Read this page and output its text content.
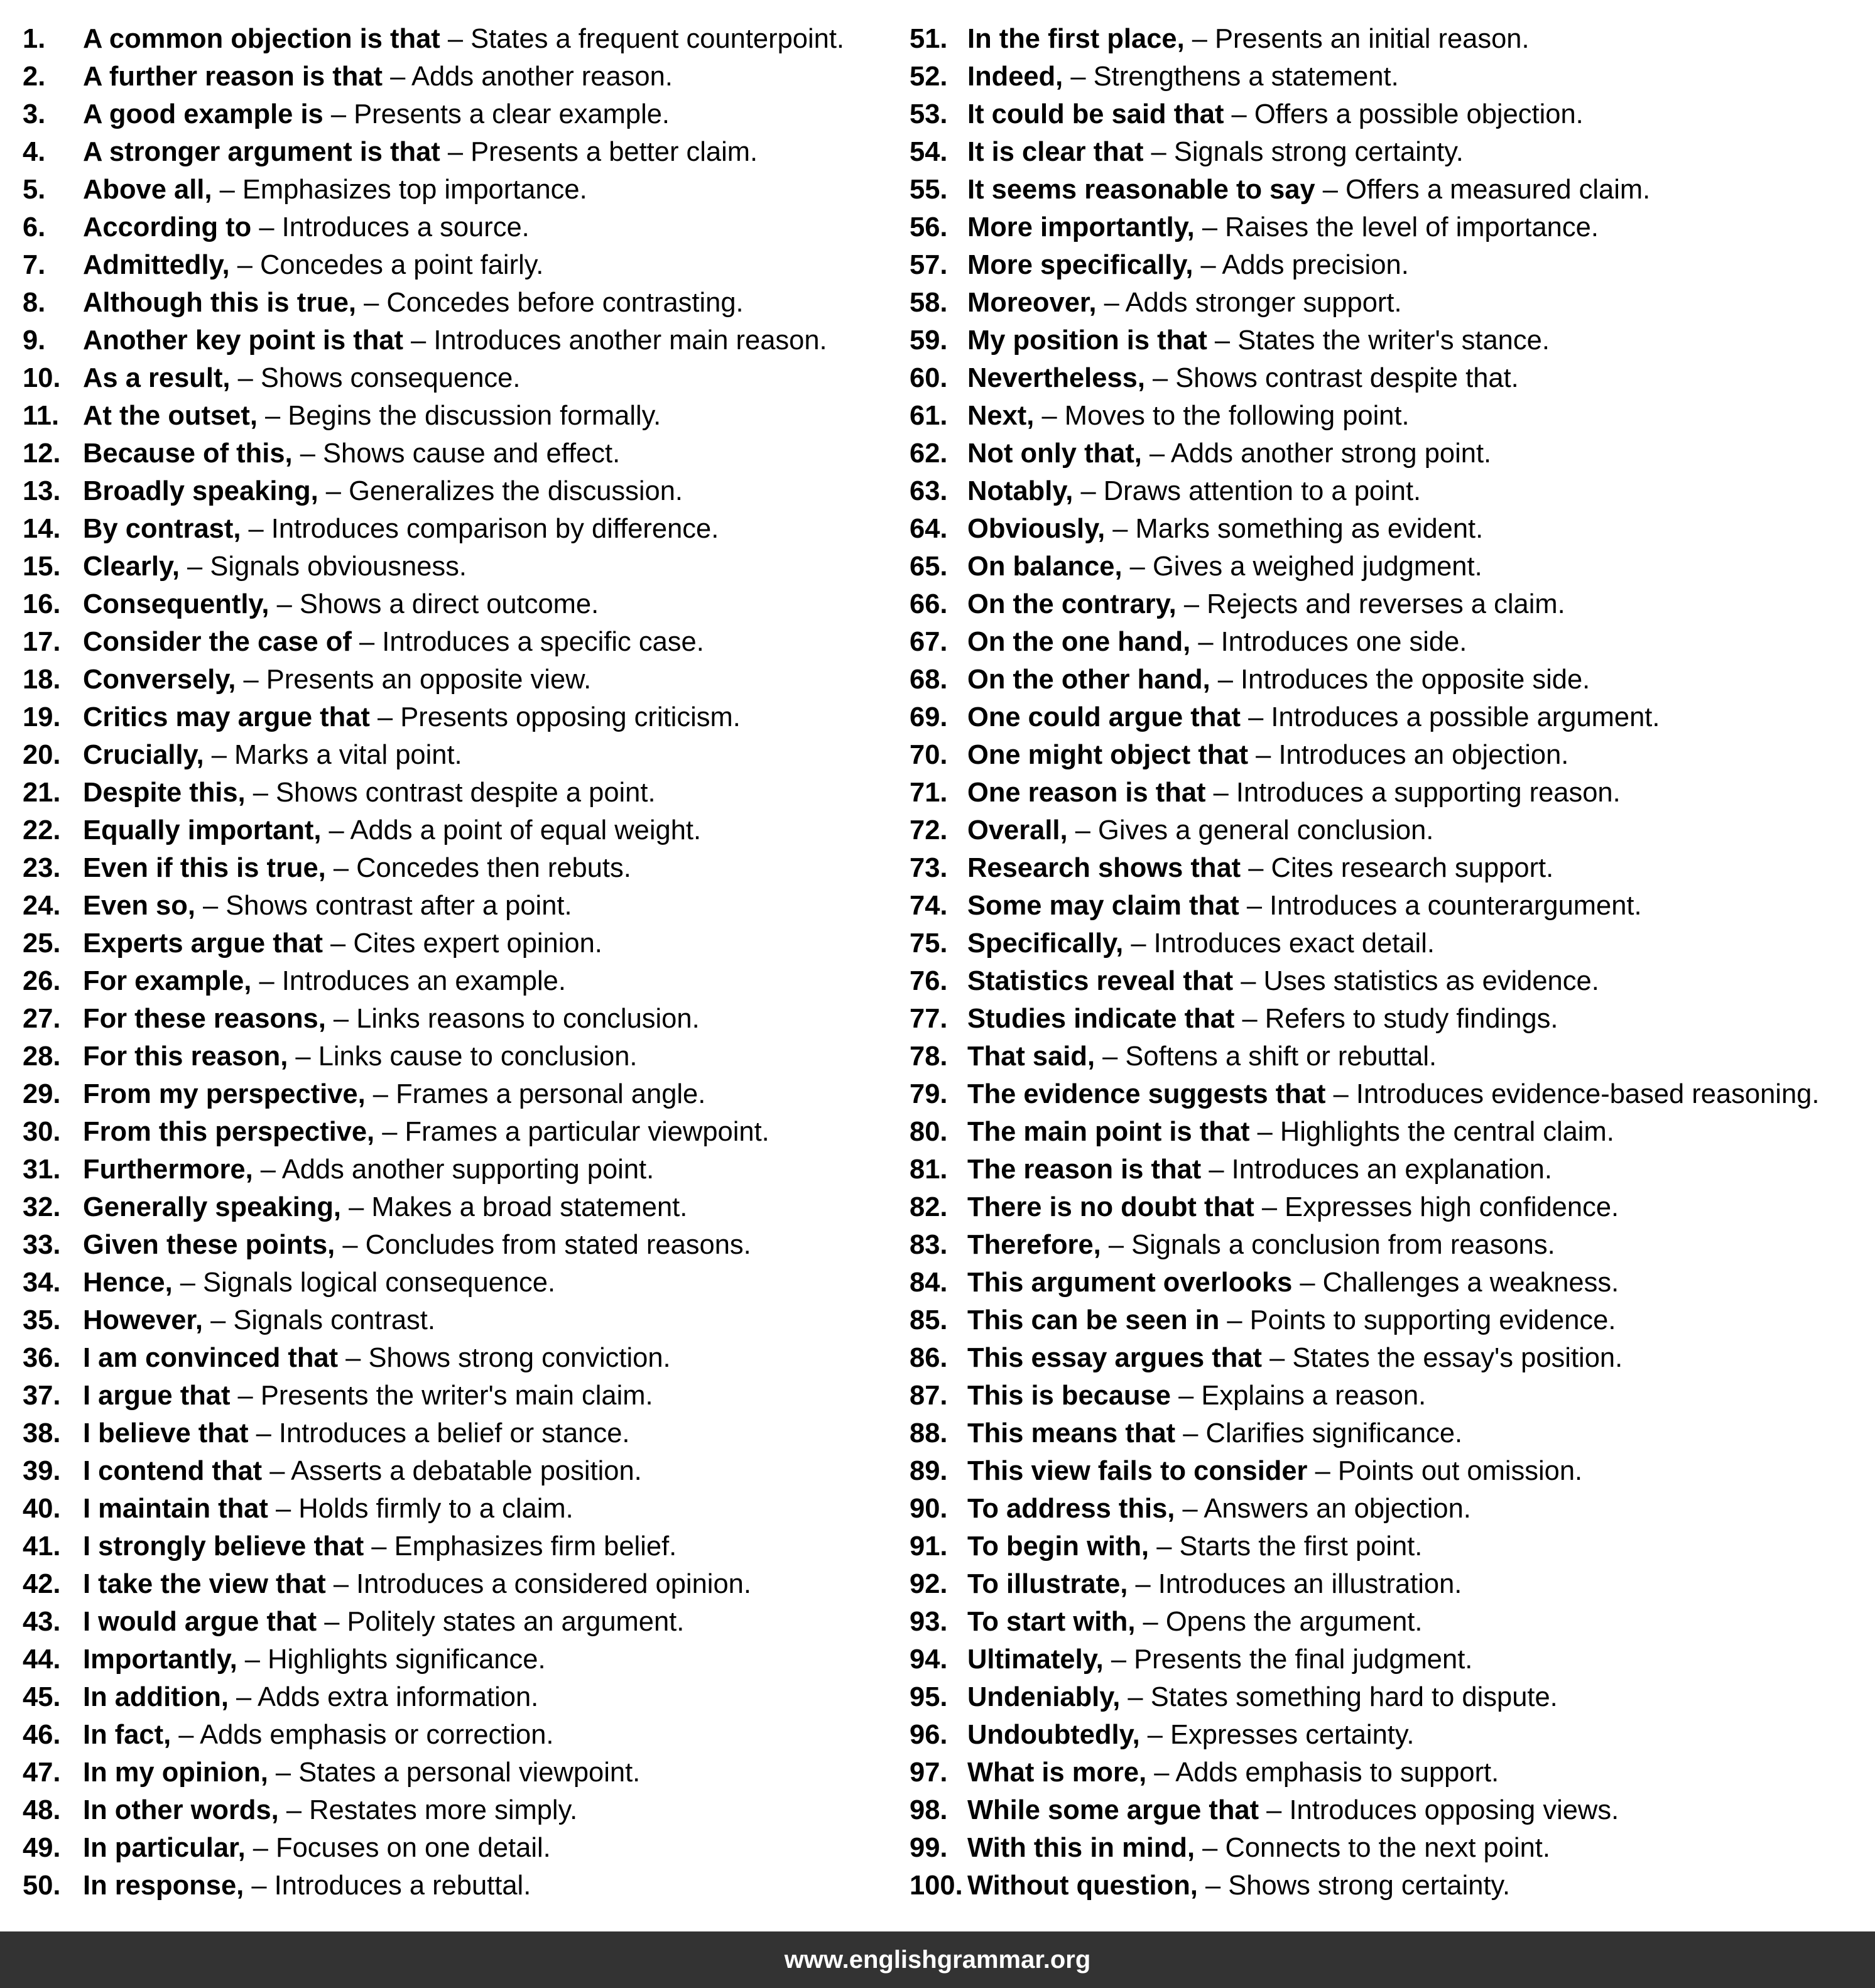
1. A common objection is that – States a frequent counterpoint.
2. A further reason is that – Adds another reason.
3. A good example is – Presents a clear example.
4. A stronger argument is that – Presents a better claim.
5. Above all, – Emphasizes top importance.
6. According to – Introduces a source.
7. Admittedly, – Concedes a point fairly.
8. Although this is true, – Concedes before contrasting.
9. Another key point is that – Introduces another main reason.
10. As a result, – Shows consequence.
11. At the outset, – Begins the discussion formally.
12. Because of this, – Shows cause and effect.
13. Broadly speaking, – Generalizes the discussion.
14. By contrast, – Introduces comparison by difference.
15. Clearly, – Signals obviousness.
16. Consequently, – Shows a direct outcome.
17. Consider the case of – Introduces a specific case.
18. Conversely, – Presents an opposite view.
19. Critics may argue that – Presents opposing criticism.
20. Crucially, – Marks a vital point.
21. Despite this, – Shows contrast despite a point.
22. Equally important, – Adds a point of equal weight.
23. Even if this is true, – Concedes then rebuts.
24. Even so, – Shows contrast after a point.
25. Experts argue that – Cites expert opinion.
26. For example, – Introduces an example.
27. For these reasons, – Links reasons to conclusion.
28. For this reason, – Links cause to conclusion.
29. From my perspective, – Frames a personal angle.
30. From this perspective, – Frames a particular viewpoint.
31. Furthermore, – Adds another supporting point.
32. Generally speaking, – Makes a broad statement.
33. Given these points, – Concludes from stated reasons.
34. Hence, – Signals logical consequence.
35. However, – Signals contrast.
36. I am convinced that – Shows strong conviction.
37. I argue that – Presents the writer's main claim.
38. I believe that – Introduces a belief or stance.
39. I contend that – Asserts a debatable position.
40. I maintain that – Holds firmly to a claim.
41. I strongly believe that – Emphasizes firm belief.
42. I take the view that – Introduces a considered opinion.
43. I would argue that – Politely states an argument.
44. Importantly, – Highlights significance.
45. In addition, – Adds extra information.
46. In fact, – Adds emphasis or correction.
47. In my opinion, – States a personal viewpoint.
48. In other words, – Restates more simply.
49. In particular, – Focuses on one detail.
50. In response, – Introduces a rebuttal.
51. In the first place, – Presents an initial reason.
52. Indeed, – Strengthens a statement.
53. It could be said that – Offers a possible objection.
54. It is clear that – Signals strong certainty.
55. It seems reasonable to say – Offers a measured claim.
56. More importantly, – Raises the level of importance.
57. More specifically, – Adds precision.
58. Moreover, – Adds stronger support.
59. My position is that – States the writer's stance.
60. Nevertheless, – Shows contrast despite that.
61. Next, – Moves to the following point.
62. Not only that, – Adds another strong point.
63. Notably, – Draws attention to a point.
64. Obviously, – Marks something as evident.
65. On balance, – Gives a weighed judgment.
66. On the contrary, – Rejects and reverses a claim.
67. On the one hand, – Introduces one side.
68. On the other hand, – Introduces the opposite side.
69. One could argue that – Introduces a possible argument.
70. One might object that – Introduces an objection.
71. One reason is that – Introduces a supporting reason.
72. Overall, – Gives a general conclusion.
73. Research shows that – Cites research support.
74. Some may claim that – Introduces a counterargument.
75. Specifically, – Introduces exact detail.
76. Statistics reveal that – Uses statistics as evidence.
77. Studies indicate that – Refers to study findings.
78. That said, – Softens a shift or rebuttal.
79. The evidence suggests that – Introduces evidence-based reasoning.
80. The main point is that – Highlights the central claim.
81. The reason is that – Introduces an explanation.
82. There is no doubt that – Expresses high confidence.
83. Therefore, – Signals a conclusion from reasons.
84. This argument overlooks – Challenges a weakness.
85. This can be seen in – Points to supporting evidence.
86. This essay argues that – States the essay's position.
87. This is because – Explains a reason.
88. This means that – Clarifies significance.
89. This view fails to consider – Points out omission.
90. To address this, – Answers an objection.
91. To begin with, – Starts the first point.
92. To illustrate, – Introduces an illustration.
93. To start with, – Opens the argument.
94. Ultimately, – Presents the final judgment.
95. Undeniably, – States something hard to dispute.
96. Undoubtedly, – Expresses certainty.
97. What is more, – Adds emphasis to support.
98. While some argue that – Introduces opposing views.
99. With this in mind, – Connects to the next point.
100. Without question, – Shows strong certainty.
www.englishgrammar.org
